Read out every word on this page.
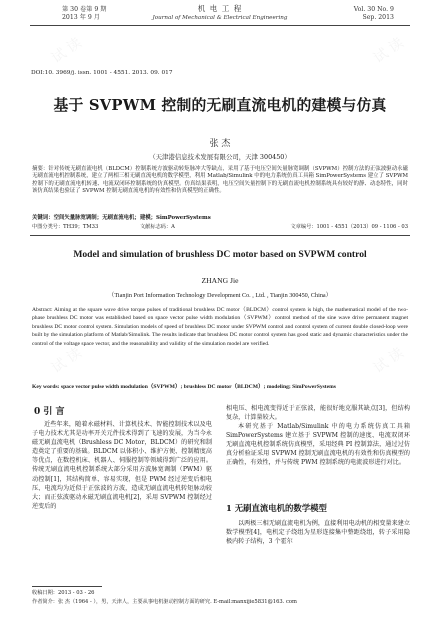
第 30 卷第 9 期
2013 年 9 月
机 电 工 程
Journal of Mechanical & Electrical Engineering
Vol. 30 No. 9
Sep. 2013
DOI:10. 3969/j. issn. 1001 - 4551. 2013. 09. 017
基于 SVPWM 控制的无刷直流电机的建模与仿真
张 杰
（天津港信息技术发展有限公司，天津 300450）
摘要：针对传统无刷直流电机（BLDCM）控制系统方波驱动转矩脉冲大等缺点，采用了基于电压空间矢量脉宽调制（SVPWM）控制方法的正弦波驱动永磁无刷直流电机控制系统，建立了两相三相无刷直流电机的数学模型，利用 Matlab/Simulink 中的电力系统仿真工具箱 SimPowerSystems 建立了 SVPWM 控制下的无刷直流电机转速、电流双闭环控制系统的仿真模型。仿真结果表明，电压空间矢量控制下的无刷直流电机控制系统具有较好的静、动态特性，同时该仿真结果也验证了 SVPWM 控制无刷直流电机的有效性和仿真模型的正确性。
关键词：空间矢量脉宽调制；无刷直流电机；建模；SimPowerSystems
中图分类号：TH39；TM33	文献标志码：A	文章编号：1001 - 4551（2013）09 - 1106 - 03
Model and simulation of brushless DC motor based on SVPWM control
ZHANG Jie
（Tianjin Port Information Technology Development Co. , Ltd. , Tianjin 300450, China）
Abstract: Aiming at the square wave drive torque pulses of traditional brushless DC motor（BLDCM）control system is high, the mathematical model of the two-phase brushless DC motor was established based on space vector pulse width modulation（SVPWM）control method of the sine wave drive permanent magnet brushless DC motor control system. Simulation models of speed of brushless DC motor under SVPWM control and control system of current double closed-loop were built by the simulation platform of Matlab/Simulink. The results indicate that brushless DC motor control system has good static and dynamic characteristics under the control of the voltage space vector, and the reasonability and validity of the simulation model are verified.
Key words: space vector pulse width modulation（SVPWM）; brushless DC motor（BLDCM）; modeling; SimPowerSystems
0 引 言
近些年来，随着永磁材料、计算机技术、智能控制技术以及电子电力技术尤其是功率开关元件技术得到了飞速的发展，为当今永磁无刷直流电机（Brushless DC Motor，BLDCM）的研究和制造奠定了重要的基础。BLDCM 以体积小、维护方便、控制精度高等优点，在数控机床、机器人、伺服控制等领域得到广泛的应用。传统无刷直流电机控制系统大部分采用方波脉宽调制（PWM）驱动控制[1]，其结构简单、容易实现，但是 PWM 经过逆变后相电压、电流均为近似于正弦波的方波，造成无刷直流电机转矩脉动较大；而正弦波驱动永磁无刷直流电机[2]，采用 SVPWM 控制经过逆变后的
相电压、相电流变得近于正弦波，能很好地克服其缺点[3]，但结构复杂，计算量较大。
本研究基于 Matlab/Simulink 中的电力系统仿真工具箱 SimPowerSystems 建立基于 SVPWM 控制的速度、电流双闭环无刷直流电机控制系统仿真模型，采用经典 PI 控制算法，通过过仿真分析验证采用 SVPWM 控制无刷直流电机的有效性和仿真模型的正确性，有效性，并与传统 PWM 控制系统的电流波形进行对比。
1 无刷直流电机的数学模型
以两极三相无刷直流电机为例，直接利用电动机的相变量来建立数学模型[4]，电机定子绕组为星形连接集中整距绕组，转子采用隐极内转子结构，3 个霍尔
收稿日期：2013 - 03 - 26
作者简介：张 杰（1964 - ），男，天津人，主要从事电机驱动控制方面的研究. E-mail:manxijie5831@163. com
试 读	试 读
试 读
试 读
